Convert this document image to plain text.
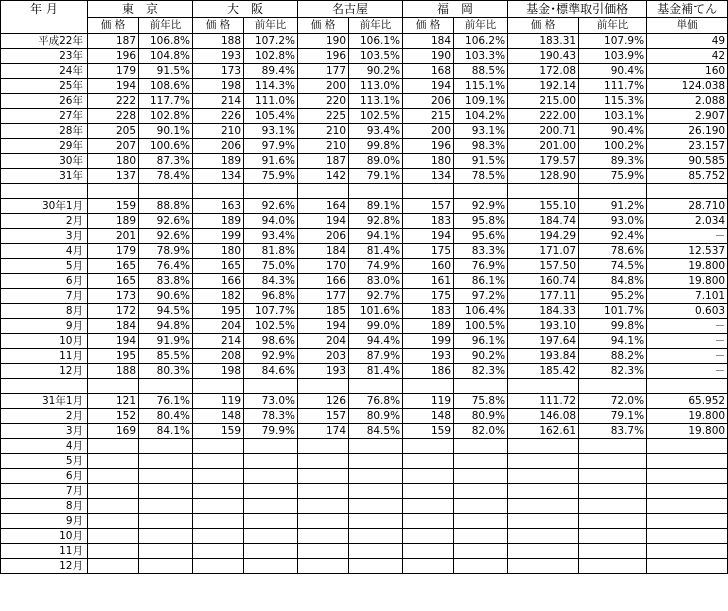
年 月	東　京		大　阪		名古屋		福　岡		基金･標準取引価格		基金補てん
	価 格	前年比	価 格	前年比	価 格	前年比	価 格	前年比	価 格	前年比	単価
平成22年	187	106.8%	188	107.2%	190	106.1%	184	106.2%	183.31	107.9%	49
23年	196	104.8%	193	102.8%	196	103.5%	190	103.3%	190.43	103.9%	42
24年	179	91.5%	173	89.4%	177	90.2%	168	88.5%	172.08	90.4%	160
25年	194	108.6%	198	114.3%	200	113.0%	194	115.1%	192.14	111.7%	124.038
26年	222	117.7%	214	111.0%	220	113.1%	206	109.1%	215.00	115.3%	2.088
27年	228	102.8%	226	105.4%	225	102.5%	215	104.2%	222.00	103.1%	2.907
28年	205	90.1%	210	93.1%	210	93.4%	200	93.1%	200.71	90.4%	26.190
29年	207	100.6%	206	97.9%	210	99.8%	196	98.3%	201.00	100.2%	23.157
30年	180	87.3%	189	91.6%	187	89.0%	180	91.5%	179.57	89.3%	90.585
31年	137	78.4%	134	75.9%	142	79.1%	134	78.5%	128.90	75.9%	85.752

30年1月	159	88.8%	163	92.6%	164	89.1%	157	92.9%	155.10	91.2%	28.710
2月	189	92.6%	189	94.0%	194	92.8%	183	95.8%	184.74	93.0%	2.034
3月	201	92.6%	199	93.4%	206	94.1%	194	95.6%	194.29	92.4%	－
4月	179	78.9%	180	81.8%	184	81.4%	175	83.3%	171.07	78.6%	12.537
5月	165	76.4%	165	75.0%	170	74.9%	160	76.9%	157.50	74.5%	19.800
6月	165	83.8%	166	84.3%	166	83.0%	161	86.1%	160.74	84.8%	19.800
7月	173	90.6%	182	96.8%	177	92.7%	175	97.2%	177.11	95.2%	7.101
8月	172	94.5%	195	107.7%	185	101.6%	183	106.4%	184.33	101.7%	0.603
9月	184	94.8%	204	102.5%	194	99.0%	189	100.5%	193.10	99.8%	－
10月	194	91.9%	214	98.6%	204	94.4%	199	96.1%	197.64	94.1%	－
11月	195	85.5%	208	92.9%	203	87.9%	193	90.2%	193.84	88.2%	－
12月	188	80.3%	198	84.6%	193	81.4%	186	82.3%	185.42	82.3%	－

31年1月	121	76.1%	119	73.0%	126	76.8%	119	75.8%	111.72	72.0%	65.952
2月	152	80.4%	148	78.3%	157	80.9%	148	80.9%	146.08	79.1%	19.800
3月	169	84.1%	159	79.9%	174	84.5%	159	82.0%	162.61	83.7%	19.800
4月											
5月											
6月											
7月											
8月											
9月											
10月											
11月											
12月											
